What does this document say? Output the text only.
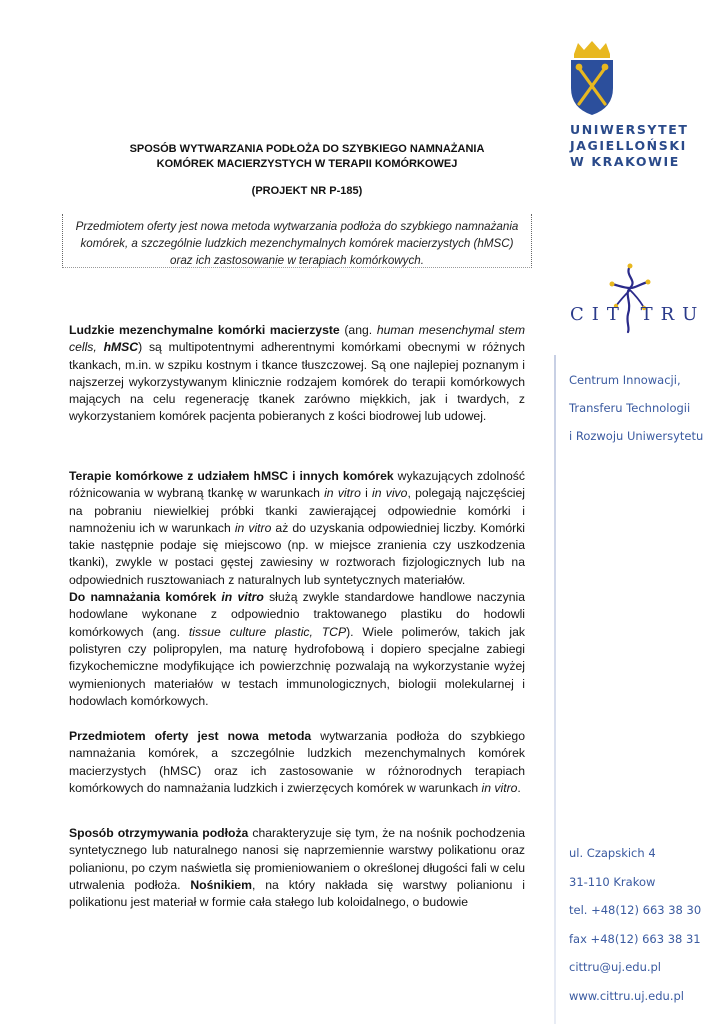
UNIWERSYTET
JAGIELLOŃSKI
W KRAKOWIE
CIT TRU
Centrum Innowacji,
Transferu Technologii
i Rozwoju Uniwersytetu
ul. Czapskich 4
31-110 Krakow
tel. +48(12) 663 38 30
fax +48(12) 663 38 31
cittru@uj.edu.pl
www.cittru.uj.edu.pl
SPOSÓB WYTWARZANIA PODŁOŻA DO SZYBKIEGO NAMNAŻANIA
KOMÓREK MACIERZYSTYCH W TERAPII KOMÓRKOWEJ
(PROJEKT NR P-185)
Przedmiotem oferty jest nowa metoda wytwarzania podłoża do szybkiego namnażania komórek, a szczególnie ludzkich mezenchymalnych komórek macierzystych (hMSC) oraz ich zastosowanie w terapiach komórkowych.
Ludzkie mezenchymalne komórki macierzyste (ang. human mesenchymal stem cells, hMSC) są multipotentnymi adherentnymi komórkami obecnymi w różnych tkankach, m.in. w szpiku kostnym i tkance tłuszczowej. Są one najlepiej poznanym i najszerzej wykorzystywanym klinicznie rodzajem komórek do terapii komórkowych mających na celu regenerację tkanek zarówno miękkich, jak i twardych, z wykorzystaniem komórek pacjenta pobieranych z kości biodrowej lub udowej.
Terapie komórkowe z udziałem hMSC i innych komórek wykazujących zdolność różnicowania w wybraną tkankę w warunkach in vitro i in vivo, polegają najczęściej na pobraniu niewielkiej próbki tkanki zawierającej odpowiednie komórki i namnożeniu ich w warunkach in vitro aż do uzyskania odpowiedniej liczby. Komórki takie następnie podaje się miejscowo (np. w miejsce zranienia czy uszkodzenia tkanki), zwykle w postaci gęstej zawiesiny w roztworach fizjologicznych lub na odpowiednich rusztowaniach z naturalnych lub syntetycznych materiałów.
Do namnażania komórek in vitro służą zwykle standardowe handlowe naczynia hodowlane wykonane z odpowiednio traktowanego plastiku do hodowli komórkowych (ang. tissue culture plastic, TCP). Wiele polimerów, takich jak polistyren czy polipropylen, ma naturę hydrofobową i dopiero specjalne zabiegi fizykochemiczne modyfikujące ich powierzchnię pozwalają na wykorzystanie wyżej wymienionych materiałów w testach immunologicznych, biologii molekularnej i hodowlach komórkowych.
Przedmiotem oferty jest nowa metoda wytwarzania podłoża do szybkiego namnażania komórek, a szczególnie ludzkich mezenchymalnych komórek macierzystych (hMSC) oraz ich zastosowanie w różnorodnych terapiach komórkowych do namnażania ludzkich i zwierzęcych komórek w warunkach in vitro.
Sposób otrzymywania podłoża charakteryzuje się tym, że na nośnik pochodzenia syntetycznego lub naturalnego nanosi się naprzemiennie warstwy polikationu oraz polianionu, po czym naświetla się promieniowaniem o określonej długości fali w celu utrwalenia podłoża. Nośnikiem, na który nakłada się warstwy polianionu i polikationu jest materiał w formie cała stałego lub koloidalnego, o budowie
